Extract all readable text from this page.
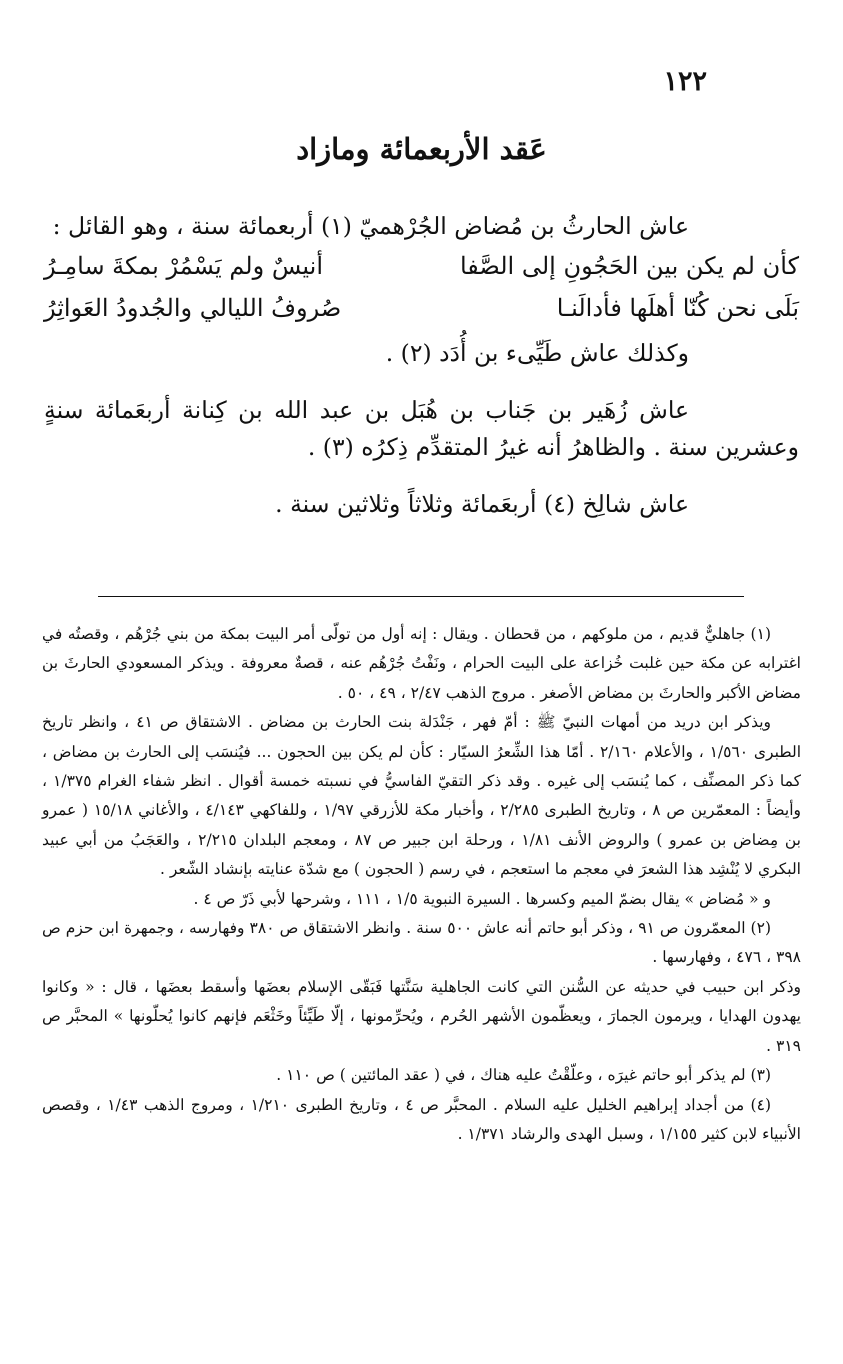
١٢٢
عَقد الأربعمائة ومازاد

عاش الحارثُ بن مُضاض الجُرْهميّ (١) أربعمائة سنة ، وهو القائل :

كأن لم يكن بين الحَجُونِ إلى الصَّفا
أنيسٌ ولم يَسْمُرْ بمكةَ سامِـرُ
بَلَى نحن كُنّا أهلَها فأدالَنـا
صُروفُ الليالي والجُدودُ العَواثِرُ

وكذلك عاش طَيِّىء بن أُدَد (٢) .

عاش زُهَير بن جَناب بن هُبَل بن عبد الله بن كِنانة أربعَمائة سنةٍ وعشرين سنة . والظاهرُ أنه غيرُ المتقدِّم ذِكرُه (٣) .

عاش شالِخ (٤) أربعَمائة وثلاثاً وثلاثين سنة .

(١) جاهليٌّ قديم ، من ملوكهم ، من قحطان . ويقال : إنه أول من تولّى أمر البيت بمكة من بني جُرْهُم ، وقصتُه في اغترابه عن مكة حين غلبت خُزاعة على البيت الحرام ، ونَفْتُ جُرْهُم عنه ، قصةٌ معروفة . ويذكر المسعودي الحارثَ بن مضاض الأكبر والحارثَ بن مضاض الأصغر . مروج الذهب ٢/٤٧ ، ٤٩ ، ٥٠ .

ويذكر ابن دريد من أمهات النبيّ ﷺ : أمّ فهر ، جَنْدَلة بنت الحارث بن مضاض . الاشتقاق ص ٤١ ، وانظر تاريخ الطبرى ١/٥٦٠ ، والأعلام ٢/١٦٠ . أمّا هذا الشِّعرُ السيّار : كأن لم يكن بين الحجون ... فيُنسَب إلى الحارث بن مضاض ، كما ذكر المصنِّف ، كما يُنسَب إلى غيره . وقد ذكر التقيّ الفاسيُّ في نسبته خمسة أقوال . انظر شفاء الغرام ١/٣٧٥ ، وأيضاً : المعمّرين ص ٨ ، وتاريخ الطبرى ٢/٢٨٥ ، وأخبار مكة للأزرقي ١/٩٧ ، وللفاكهي ٤/١٤٣ ، والأغاني ١٥/١٨ ( عمرو بن مِضاض بن عمرو ) والروض الأنف ١/٨١ ، ورحلة ابن جبير ص ٨٧ ، ومعجم البلدان ٢/٢١٥ ، والعَجَبُ من أبي عبيد البكري لا يُنْشِد هذا الشعرَ في معجم ما استعجم ، في رسم ( الحجون ) مع شدّة عنايته بإنشاد الشّعر .

و « مُضاض » يقال بضمّ الميم وكسرها . السيرة النبوية ١/٥ ، ١١١ ، وشرحها لأبي ذَرّ ص ٤ .

(٢) المعمّرون ص ٩١ ، وذكر أبو حاتم أنه عاش ٥٠٠ سنة . وانظر الاشتقاق ص ٣٨٠ وفهارسه ، وجمهرة ابن حزم ص ٣٩٨ ، ٤٧٦ ، وفهارسها .

وذكر ابن حبيب في حديثه عن السُّنن التي كانت الجاهلية سَنَّتها فَبَقّى الإسلام بعضَها وأسقط بعضَها ، قال : « وكانوا يهدون الهدايا ، ويرمون الجمارَ ، ويعظّمون الأشهر الحُرم ، ويُحرِّمونها ، إلّا طَيِّئاً وخَثْعَم فإنهم كانوا يُحلّونها » المحبَّر ص ٣١٩ .

(٣) لم يذكر أبو حاتم غيرَه ، وعلّقْتُ عليه هناك ، في ( عقد المائتين ) ص ١١٠ .

(٤) من أجداد إبراهيم الخليل عليه السلام . المحبَّر ص ٤ ، وتاريخ الطبرى ١/٢١٠ ، ومروج الذهب ١/٤٣ ، وقصص الأنبياء لابن كثير ١/١٥٥ ، وسبل الهدى والرشاد ١/٣٧١ .
